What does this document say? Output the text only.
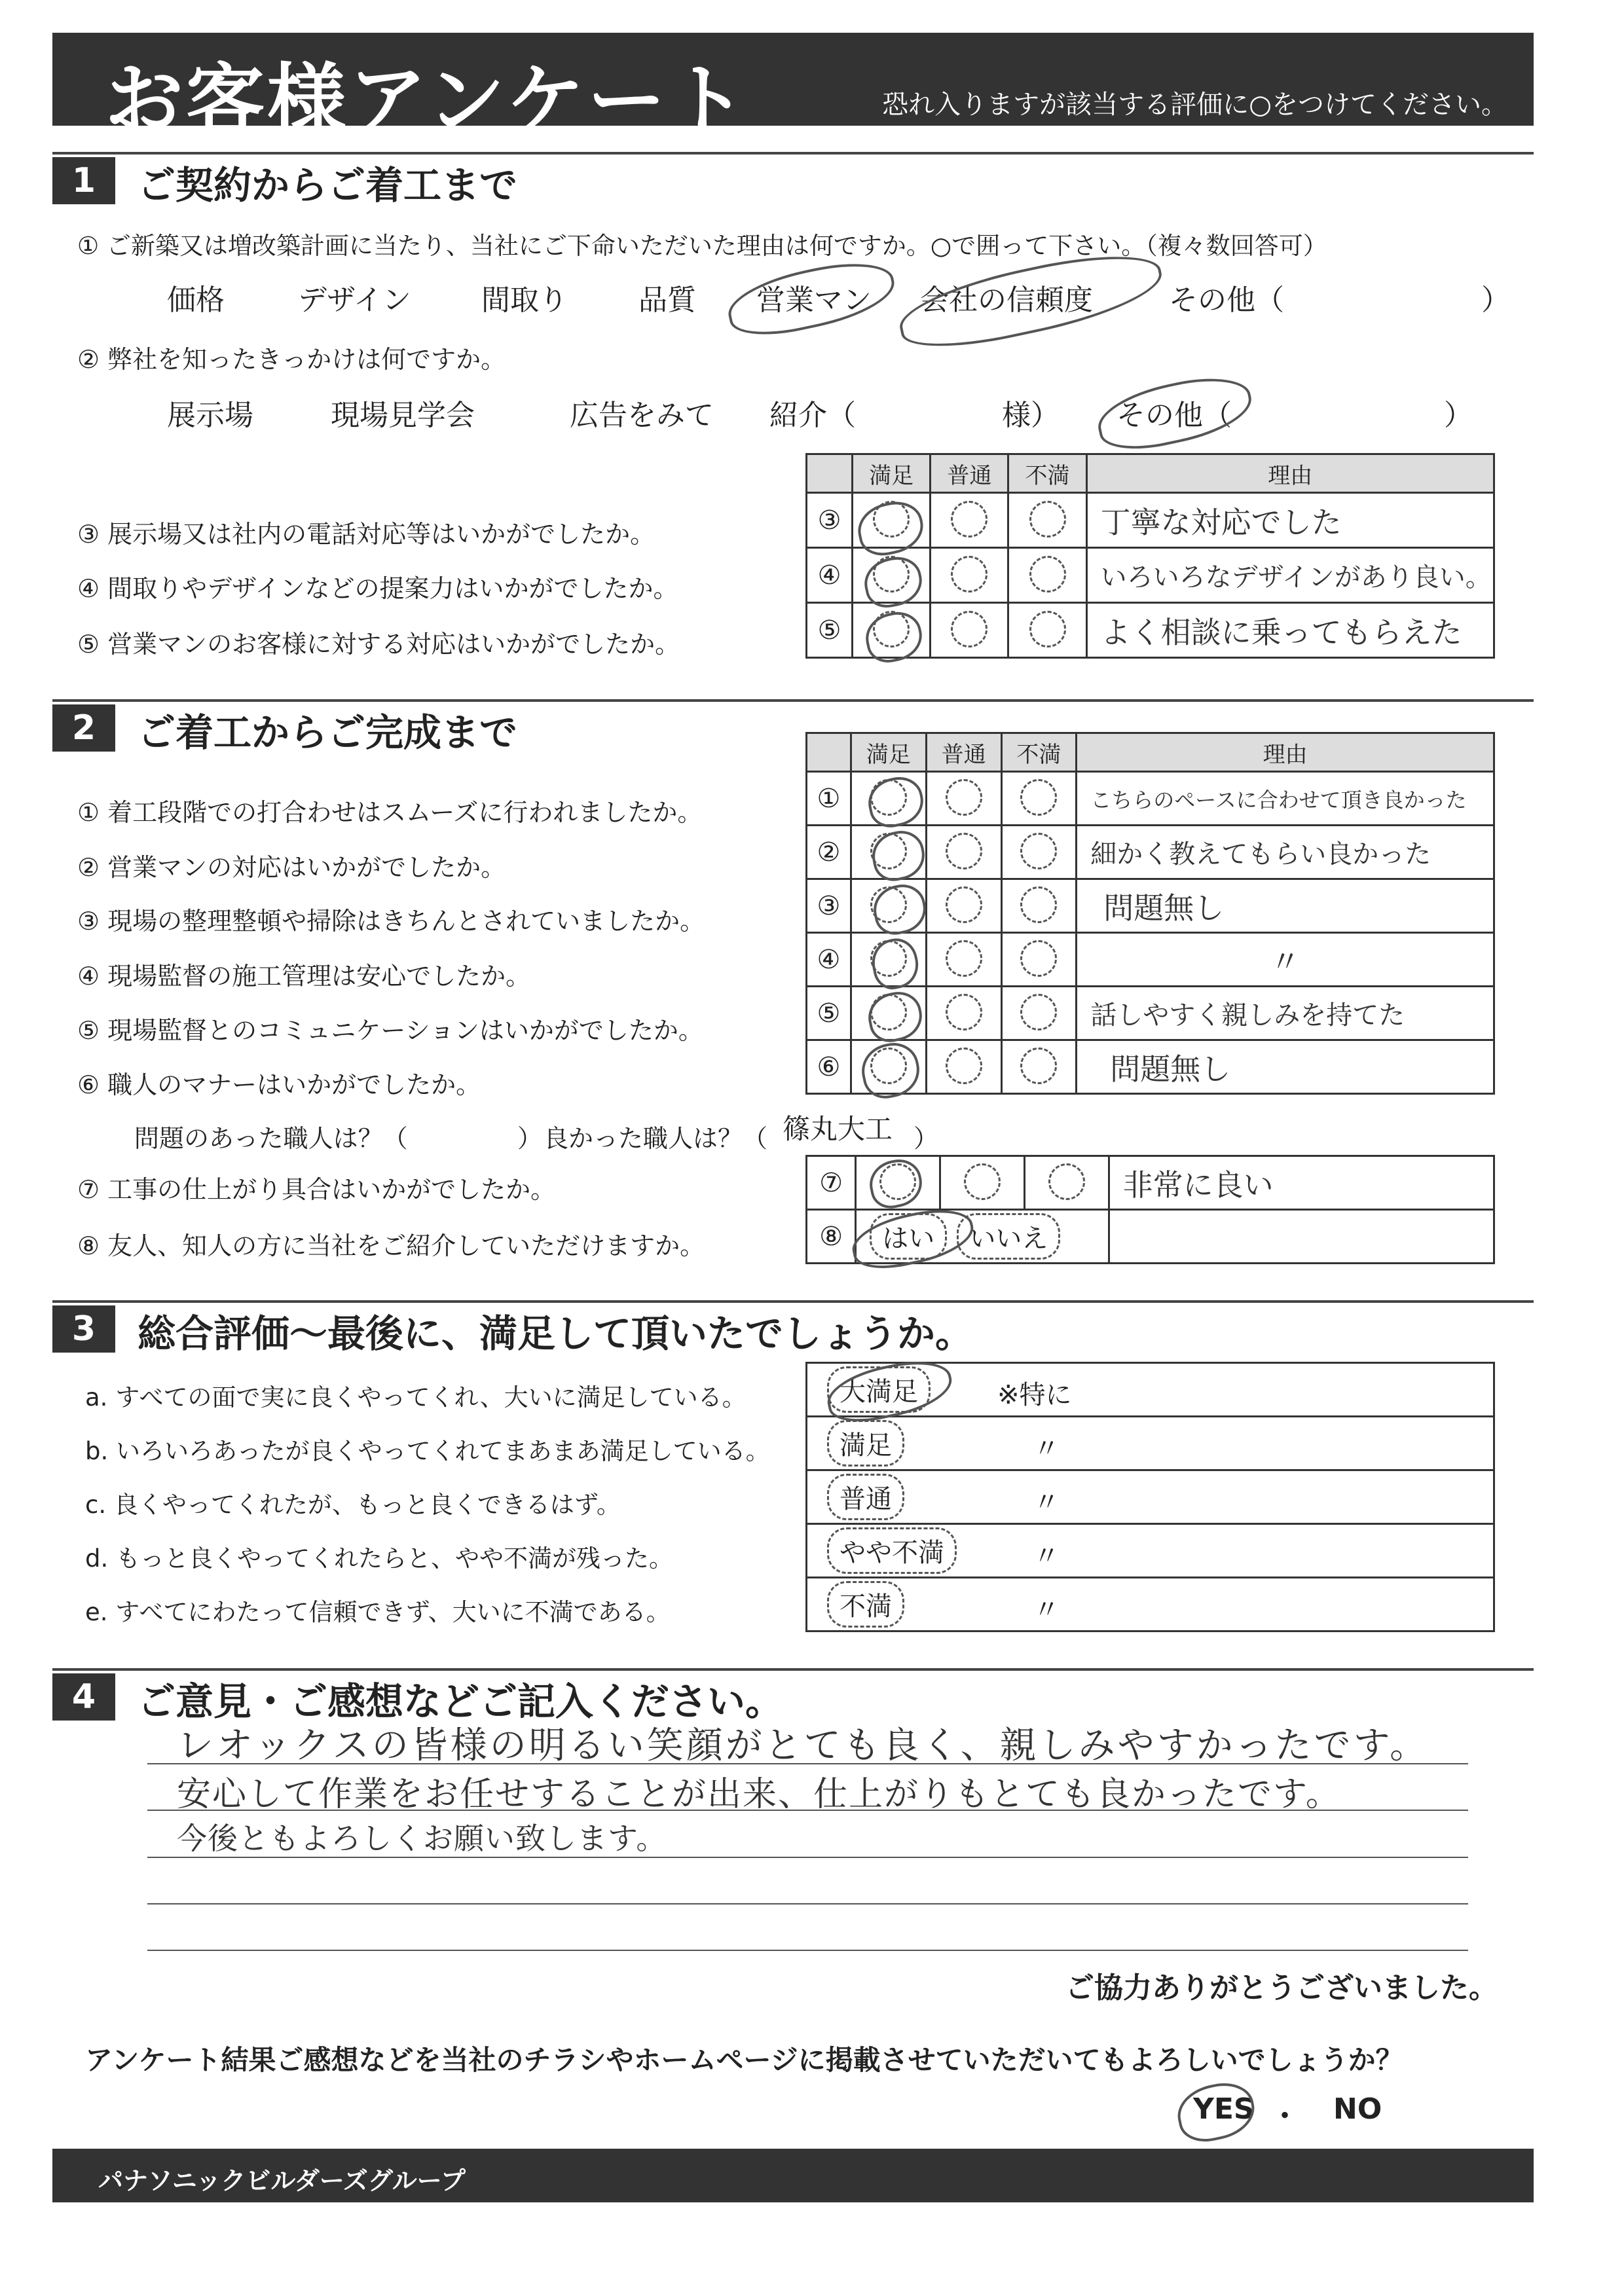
お客様アンケート	恐れ入りますが該当する評価に○をつけてください。
1	ご契約からご着工まで
① ご新築又は増改築計画に当たり、当社にご下命いただいた理由は何ですか。○で囲って下さい。（複々数回答可）
価格	デザイン 間取り 品質 営業マン 会社の信頼度	その他（	）
② 弊社を知ったきっかけは何ですか。
展示場	現場見学会	広告をみて 紹介（	様） その他（	）
	満足	普通	不満	理由
③				丁寧な対応でした
④				いろいろなデザインがあり良い。
⑤				よく相談に乗ってもらえた
③ 展示場又は社内の電話対応等はいかがでしたか。
④ 間取りやデザインなどの提案力はいかがでしたか。
⑤ 営業マンのお客様に対する対応はいかがでしたか。
2	ご着工からご完成まで
		満足	普通	不満	理由
①				こちらのペースに合わせて頂き良かった
②				細かく教えてもらい良かった
③				問題無し
④				〃
⑤				話しやすく親しみを持てた
⑥				問題無し
① 着工段階での打合わせはスムーズに行われましたか。
② 営業マンの対応はいかがでしたか。
③ 現場の整理整頓や掃除はきちんとされていましたか。
④ 現場監督の施工管理は安心でしたか。
⑤ 現場監督とのコミュニケーションはいかがでしたか。
⑥ 職人のマナーはいかがでしたか。
問題のあった職人は？（	） 良かった職人は？（ 篠丸大工 ）
⑦				非常に良い
⑧	はい いいえ			
⑦ 工事の仕上がり具合はいかがでしたか。
⑧ 友人、知人の方に当社をご紹介していただけますか。
3	総合評価～最後に、満足して頂いたでしょうか。
大満足	※特に

満足	〃

普通	〃

やや不満	〃

不満	〃
a. すべての面で実に良くやってくれ、大いに満足している。
b. いろいろあったが良くやってくれてまあまあ満足している。
c. 良くやってくれたが、もっと良くできるはず。
d. もっと良くやってくれたらと、やや不満が残った。
e. すべてにわたって信頼できず、大いに不満である。
4	ご意見・ご感想などご記入ください。
レオックスの皆様の明るい笑顔がとても良く、親しみやすかったです。
安心して作業をお任せすることが出来、仕上がりもとても良かったです。
今後ともよろしくお願い致します。
ご協力ありがとうございました。
アンケート結果ご感想などを当社のチラシやホームページに掲載させていただいてもよろしいでしょうか？
YES ・ NO
パナソニックビルダーズグループ
